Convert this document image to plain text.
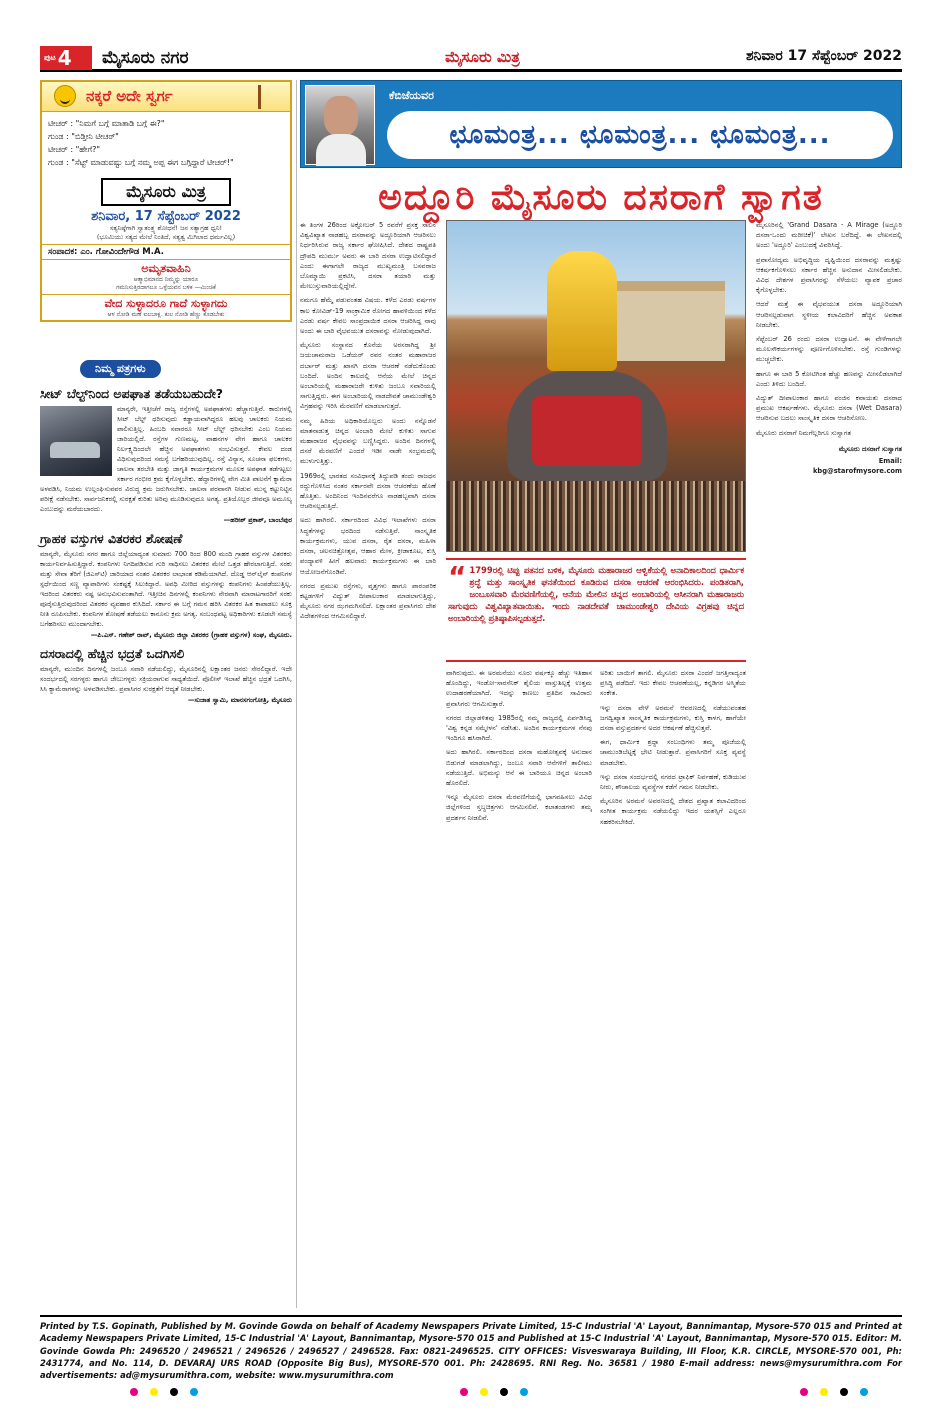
$^{ಪುಟ}$ 4	ಮೈಸೂರು ನಗರ	ಮೈಸೂರು ಮಿತ್ರ	ಶನಿವಾರ 17 ಸೆಪ್ಟೆಂಬರ್ 2022
ನಕ್ಕರೆ ಅದೇ ಸ್ವರ್ಗ
ಟೀಚರ್ : "ನಿಮಗೆ ಬಗ್ಗೆ ಮಾತಾಡಿ ಬಗ್ಗೆ ಈ?"
ಗುಂಡ : "ಬಿಡ್ತೀನಿ ಟೀಚರ್"
ಟೀಚರ್ : "ಹೇಗೆ?"
ಗುಂಡ : "ಸೆಟ್ಟ್ ಮಾಡುವಷ್ಟು ಬಗ್ಗೆ ನಮ್ಮ ಅಪ್ಪ ಈಗ ಬಗ್ಗಿದ್ದಾರೆ ಟೀಚರ್!"
ಮೈಸೂರು ಮಿತ್ರ
ಶನಿವಾರ, 17 ಸೆಪ್ಟೆಂಬರ್ 2022
ಸತ್ಯನಿಷ್ಠೆಗಾಗಿ ಸ್ವಾತಂತ್ರ್ಯ ಶೋಧನೆ! ಜನ ಸತ್ಯಾಗ್ರಹ ಧ್ವನಿ!
(ಭೂಮಿಯು ಸತ್ಯದ ಮೇಲೆ ನಿಂತಿದೆ, ಸತ್ಯತ್ವ ಮಿಗಿಲಾದ ಧರ್ಮವಿಲ್ಲ)
ಸಂಪಾದಕ: ಎಂ. ಗೋವಿಂದೇಗೌಡ M.A.
ಅಮೃತವಾಹಿನಿ
ಆತ್ಮಾಭಿಮಾನದ ನಿಮ್ಮನ್ನು ಯಾರೂ
ಗಮನಿಸುತ್ತಿರದಾಗಲೂ ಒಳ್ಳೆಯವನ ಬಳಿಕ —ಮಿಂಚಿಕೆ
ವೇದ ಸುಳ್ಳಾದರೂ ಗಾದೆ ಸುಳ್ಳಾಗದು
ಆಳ ನೋಡಿ ಮಣೆ ಐಲಬಾಕ್ಲ. ಕುಲ ನೋಡಿ ಹೆಣ್ಣು ಕೊಡಬೇಕು
ನಿಮ್ಮ ಪತ್ರಗಳು
ಸೀಟ್ ಬೆಲ್ಟ್‌ನಿಂದ ಅಪಘಾತ ತಡೆಯಬಹುದೇ?
ಮಾನ್ಯರೇ, ಇತ್ತೀಚೆಗೆ ರಾಜ್ಯ ರಸ್ತೆಗಳಲ್ಲಿ ಅಪಘಾತಗಳು ಹೆಚ್ಚಾಗುತ್ತಿವೆ. ಕಾರುಗಳಲ್ಲಿ ಸೀಟ್ ಬೆಲ್ಟ್ ಧರಿಸುವುದು ಕಡ್ಡಾಯವಾಗಿದ್ದರೂ ಹಲವು ಚಾಲಕರು ನಿಯಮ ಪಾಲಿಸುತ್ತಿಲ್ಲ. ಹಿಂಬದಿ ಸವಾರರೂ ಸೀಟ್ ಬೆಲ್ಟ್ ಧರಿಸಬೇಕು ಎಂಬ ನಿಯಮ ಜಾರಿಯಲ್ಲಿದೆ. ರಸ್ತೆಗಳ ಗುಣಮಟ್ಟ, ವಾಹನಗಳ ವೇಗ ಹಾಗೂ ಚಾಲಕರ ನಿರ್ಲಕ್ಷ್ಯದಿಂದಲೇ ಹೆಚ್ಚಿನ ಅಪಘಾತಗಳು ಸಂಭವಿಸುತ್ತವೆ. ಕೇವಲ ದಂಡ ವಿಧಿಸುವುದರಿಂದ ಸಮಸ್ಯೆ ಬಗೆಹರಿಯುವುದಿಲ್ಲ. ರಸ್ತೆ ವಿನ್ಯಾಸ, ಸೂಚನಾ ಫಲಕಗಳು, ಚಾಲನಾ ತರಬೇತಿ ಮತ್ತು ಜಾಗೃತಿ ಕಾರ್ಯಕ್ರಮಗಳ ಮೂಲಕ ಅಪಘಾತ ತಡೆಗಟ್ಟಲು ಸರ್ಕಾರ ಗಂಭೀರ ಕ್ರಮ ಕೈಗೊಳ್ಳಬೇಕು. ಹೆದ್ದಾರಿಗಳಲ್ಲಿ ವೇಗ ಮಿತಿ ಪಾಲನೆಗೆ ಕ್ಯಾಮೆರಾ ಅಳವಡಿಸಿ, ನಿಯಮ ಉಲ್ಲಂಘಿಸುವವರ ವಿರುದ್ಧ ಕ್ರಮ ಜರುಗಿಸಬೇಕು. ಚಾಲನಾ ಪರವಾನಗಿ ನೀಡುವ ಮುನ್ನ ಕಟ್ಟುನಿಟ್ಟಿನ ಪರೀಕ್ಷೆ ನಡೆಸಬೇಕು. ಸಾರ್ವಜನಿಕರಲ್ಲಿ ಸುರಕ್ಷತೆ ಕುರಿತು ಅರಿವು ಮೂಡಿಸುವುದೂ ಅಗತ್ಯ. ಪ್ರತಿಯೊಬ್ಬರ ಜೀವವೂ ಅಮೂಲ್ಯ ಎಂಬುದನ್ನು ಮರೆಯಬಾರದು.
—ಹರೀಶ್ ಪ್ರಕಾಶ್, ಬಾಂಬೆಪುರ
ಗ್ರಾಹಕ ವಸ್ತುಗಳ ವಿತರಕರ ಶೋಷಣೆ
ಮಾನ್ಯರೇ, ಮೈಸೂರು ನಗರ ಹಾಗೂ ಜಿಲ್ಲೆಯಾದ್ಯಂತ ಸುಮಾರು 700 ರಿಂದ 800 ಮಂದಿ ಗ್ರಾಹಕ ವಸ್ತುಗಳ ವಿತರಕರು ಕಾರ್ಯನಿರ್ವಹಿಸುತ್ತಿದ್ದಾರೆ. ಕಂಪನಿಗಳು ನಿಗದಿಪಡಿಸುವ ಗುರಿ ಸಾಧಿಸಲು ವಿತರಕರ ಮೇಲೆ ಒತ್ತಡ ಹೇರಲಾಗುತ್ತಿದೆ. ಸರಕು ಮತ್ತು ಸೇವಾ ತೆರಿಗೆ (ಜಿಎಸ್‌ಟಿ) ಜಾರಿಯಾದ ನಂತರ ವಿತರಕರ ಲಾಭಾಂಶ ಕಡಿಮೆಯಾಗಿದೆ. ದೊಡ್ಡ ಆನ್‌ಲೈನ್ ಕಂಪನಿಗಳ ಸ್ಪರ್ಧೆಯಿಂದ ಸಣ್ಣ ವ್ಯಾಪಾರಿಗಳು ಸಂಕಷ್ಟಕ್ಕೆ ಸಿಲುಕಿದ್ದಾರೆ. ಅವಧಿ ಮೀರಿದ ವಸ್ತುಗಳನ್ನು ಕಂಪನಿಗಳು ಹಿಂಪಡೆಯುತ್ತಿಲ್ಲ. ಇದರಿಂದ ವಿತರಕರು ನಷ್ಟ ಅನುಭವಿಸುವಂತಾಗಿದೆ. ಇತ್ತೀಚಿನ ದಿನಗಳಲ್ಲಿ ಕಂಪನಿಗಳು ನೇರವಾಗಿ ಮಾರಾಟಗಾರರಿಗೆ ಸರಕು ಪೂರೈಸುತ್ತಿರುವುದರಿಂದ ವಿತರಕರ ವ್ಯವಹಾರ ಕುಸಿದಿದೆ. ಸರ್ಕಾರ ಈ ಬಗ್ಗೆ ಗಮನ ಹರಿಸಿ ವಿತರಕರ ಹಿತ ಕಾಪಾಡಲು ಸೂಕ್ತ ನೀತಿ ರೂಪಿಸಬೇಕು. ಕಂಪನಿಗಳ ಶೋಷಣೆ ತಡೆಯಲು ಕಾನೂನು ಕ್ರಮ ಅಗತ್ಯ. ಸಂಬಂಧಪಟ್ಟ ಅಧಿಕಾರಿಗಳು ಕೂಡಲೇ ಸಮಸ್ಯೆ ಬಗೆಹರಿಸಲು ಮುಂದಾಗಬೇಕು.
—ಪಿ.ಎಸ್. ಗಣೇಶ್ ರಾವ್, ಮೈಸೂರು ಜಿಲ್ಲಾ ವಿತರಕರ (ಗ್ರಾಹಕ ವಸ್ತುಗಳ) ಸಂಘ, ಮೈಸೂರು.
ದಸರಾದಲ್ಲಿ ಹೆಚ್ಚಿನ ಭದ್ರತೆ ಒದಗಿಸಲಿ
ಮಾನ್ಯರೇ, ಮುಂದಿನ ದಿನಗಳಲ್ಲಿ ಜಂಬೂ ಸವಾರಿ ನಡೆಯಲಿದ್ದು, ಮೈಸೂರಿನಲ್ಲಿ ಲಕ್ಷಾಂತರ ಜನರು ಸೇರಲಿದ್ದಾರೆ. ಇದೇ ಸಂದರ್ಭದಲ್ಲಿ ಸರಗಳ್ಳರು ಹಾಗೂ ಜೇಬುಗಳ್ಳರು ಸಕ್ರಿಯರಾಗುವ ಸಾಧ್ಯತೆಯಿದೆ. ಪೊಲೀಸ್ ಇಲಾಖೆ ಹೆಚ್ಚಿನ ಭದ್ರತೆ ಒದಗಿಸಿ, ಸಿಸಿ ಕ್ಯಾಮೆರಾಗಳನ್ನು ಅಳವಡಿಸಬೇಕು. ಪ್ರವಾಸಿಗರ ಸುರಕ್ಷತೆಗೆ ಆದ್ಯತೆ ನೀಡಬೇಕು.
—ಸುಜಾತ ಸ್ವಾಮಿ, ಮಾನಸಗಂಗೋತ್ರಿ, ಮೈಸೂರು
ಕೆಬಿಜೆಯವರ
ಛೂಮಂತ್ರ... ಛೂಮಂತ್ರ... ಛೂಮಂತ್ರ...
ಅದ್ದೂರಿ ಮೈಸೂರು ದಸರಾಗೆ ಸ್ವಾಗತ

ಈ ತಿಂಗಳ 26ರಿಂದ ಅಕ್ಟೋಬರ್ 5 ರವರೆಗೆ ಪ್ರಸಕ್ತ ಸಾಲಿನ ವಿಶ್ವವಿಖ್ಯಾತ ನಾಡಹಬ್ಬ ದಸರಾವನ್ನು ಅದ್ದೂರಿಯಾಗಿ ಆಚರಿಸಲು ನಿರ್ಧರಿಸಿರುವ ರಾಜ್ಯ ಸರ್ಕಾರ ಘೋಷಿಸಿದೆ. ದೇಶದ ರಾಷ್ಟ್ರಪತಿ ದ್ರೌಪದಿ ಮುರ್ಮು ಅವರು ಈ ಬಾರಿ ದಸರಾ ಉದ್ಘಾಟಿಸಲಿದ್ದಾರೆ ಎಂದು ಈಗಾಗಲೇ ರಾಜ್ಯದ ಮುಖ್ಯಮಂತ್ರಿ ಬಸವರಾಜ ಬೊಮ್ಮಾಯಿ ಪ್ರಕಟಿಸಿ, ದಸರಾ ತಯಾರಿ ಮತ್ತು ಮೇಲುಸ್ತುವಾರಿಯಲ್ಲಿದ್ದೇನೆ.

ನಮಗೂ ಹೆಮ್ಮೆ ಪಡುವಂತಹ ವಿಷಯ. ಕಳೆದ ಎರಡು ವರ್ಷಗಳ ಕಾಲ ಕೋವಿಡ್-19 ಸಾಂಕ್ರಾಮಿಕ ರೋಗದ ಹಾವಳಿಯಿಂದ ಕಳೆದ ಎರಡು ವರ್ಷ ಕೇವಲ ಸಾಂಪ್ರದಾಯಿಕ ದಸರಾ ಆಚರಿಸಿದ್ದ ನಾವು ಅಂದು ಈ ಬಾರಿ ವೈಭವಯುತ ದಸರಾವನ್ನು ನೋಡುವುದಾಗಿದೆ.

ಮೈಸೂರು ಸಂಸ್ಥಾನದ ಕೊನೆಯ ಅರಸರಾಗಿದ್ದ ಶ್ರೀ ಜಯಚಾಮರಾಜ ಒಡೆಯರ್ ರವರ ನಂತರ ಮಹಾರಾಜರ ದರ್ಬಾರ್ ಮತ್ತು ಖಾಸಗಿ ದಸರಾ ಆಚರಣೆ ನಡೆದುಕೊಂಡು ಬಂದಿದೆ. ಅಂದಿನ ಕಾಲದಲ್ಲಿ ಆನೆಯ ಮೇಲೆ ಚಿನ್ನದ ಅಂಬಾರಿಯಲ್ಲಿ ಮಹಾರಾಜರೇ ಕುಳಿತು ಜಂಬೂ ಸವಾರಿಯಲ್ಲಿ ಸಾಗುತ್ತಿದ್ದರು. ಈಗ ಅಂಬಾರಿಯಲ್ಲಿ ನಾಡದೇವತೆ ಚಾಮುಂಡೇಶ್ವರಿ ವಿಗ್ರಹವನ್ನು ಇರಿಸಿ ಮೆರವಣಿಗೆ ಮಾಡಲಾಗುತ್ತದೆ.

ನಮ್ಮ ಹಿರಿಯ ಅಧಿಕಾರಿಯೊಬ್ಬರು ಅಂದು ನನ್ನೊಡನೆ ಮಾತನಾಡುತ್ತ ಚಿನ್ನದ ಅಂಬಾರಿ ಮೇಲೆ ಕುಳಿತು ಸಾಗುವ ಮಹಾರಾಜರ ವೈಭವವನ್ನು ಬಣ್ಣಿಸಿದ್ದರು. ಅಂದಿನ ದಿನಗಳಲ್ಲಿ ದಸರೆ ಮೆರವಣಿಗೆ ಎಂದರೆ ಇಡೀ ನಾಡೇ ಸಂಭ್ರಮದಲ್ಲಿ ಮುಳುಗುತ್ತಿತ್ತು.

1969ರಲ್ಲಿ ಭಾರತದ ಸಂವಿಧಾನಕ್ಕೆ ತಿದ್ದುಪಡಿ ತಂದು ರಾಜಧನ ರದ್ದುಗೊಳಿಸಿದ ನಂತರ ಸರ್ಕಾರವೇ ದಸರಾ ಆಚರಣೆಯ ಹೊಣೆ ಹೊತ್ತಿತು. ಅಂದಿನಿಂದ ಇಂದಿನವರೆಗೂ ನಾಡಹಬ್ಬವಾಗಿ ದಸರಾ ಆಚರಿಸಲ್ಪಡುತ್ತಿದೆ.

ಅದು ಹಾಗಿರಲಿ. ಸರ್ಕಾರದಿಂದ ವಿವಿಧ ಇಲಾಖೆಗಳು ದಸರಾ ಸಿದ್ಧತೆಗಳನ್ನು ಭರದಿಂದ ನಡೆಸುತ್ತಿವೆ. ಸಾಂಸ್ಕೃತಿಕ ಕಾರ್ಯಕ್ರಮಗಳು, ಯುವ ದಸರಾ, ರೈತ ದಸರಾ, ಮಹಿಳಾ ದಸರಾ, ಚಲನಚಿತ್ರೋತ್ಸವ, ಆಹಾರ ಮೇಳ, ಕ್ರೀಡಾಕೂಟ, ಕುಸ್ತಿ ಪಂದ್ಯಾವಳಿ ಹೀಗೆ ಹಲವಾರು ಕಾರ್ಯಕ್ರಮಗಳು ಈ ಬಾರಿ ಆಯೋಜನೆಗೊಂಡಿವೆ.

ನಗರದ ಪ್ರಮುಖ ರಸ್ತೆಗಳು, ವೃತ್ತಗಳು ಹಾಗೂ ಪಾರಂಪರಿಕ ಕಟ್ಟಡಗಳಿಗೆ ವಿದ್ಯುತ್ ದೀಪಾಲಂಕಾರ ಮಾಡಲಾಗುತ್ತಿದ್ದು, ಮೈಸೂರು ನಗರ ಝಗಮಗಿಸಲಿದೆ. ಲಕ್ಷಾಂತರ ಪ್ರವಾಸಿಗರು ದೇಶ ವಿದೇಶಗಳಿಂದ ಆಗಮಿಸಲಿದ್ದಾರೆ.

“ 1799ರಲ್ಲಿ ಟಿಪ್ಪು ಪತನದ ಬಳಿಕ, ಮೈಸೂರು ಮಹಾರಾಜರ ಆಳ್ವಿಕೆಯಲ್ಲಿ ಅನಾದಿಕಾಲದಿಂದ ಧಾರ್ಮಿಕ ಶ್ರದ್ಧೆ ಮತ್ತು ಸಾಂಸ್ಕೃತಿಕ ಘನತೆಯಿಂದ ಕೂಡಿರುವ ದಸರಾ ಆಚರಣೆ ಆರಂಭಿಸಿದರು. ಪಂಡಿತರಾಗಿ, ಜಂಬೂಸವಾರಿ ಮೆರವಣಿಗೆಯಲ್ಲಿ, ಆನೆಯ ಮೇಲಿನ ಚಿನ್ನದ ಅಂಬಾರಿಯಲ್ಲಿ ಆಸೀನರಾಗಿ ಮಹಾರಾಜರು ಸಾಗುವುದು ವಿಶ್ವವಿಖ್ಯಾತವಾಯಿತು. ಇಂದು ನಾಡದೇವತೆ ಚಾಮುಂಡೇಶ್ವರಿ ದೇವಿಯ ವಿಗ್ರಹವು ಚಿನ್ನದ ಅಂಬಾರಿಯಲ್ಲಿ ಪ್ರತಿಷ್ಠಾಪಿಸಲ್ಪಡುತ್ತದೆ.

ವಾಗಿರುವುದು. ಈ ಅರಮನೆಯು ನೂರು ವರ್ಷಕ್ಕೂ ಹೆಚ್ಚು ಇತಿಹಾಸ ಹೊಂದಿದ್ದು, ಇಂಡೋ-ಸಾರಸೆನಿಕ್ ಶೈಲಿಯ ವಾಸ್ತುಶಿಲ್ಪಕ್ಕೆ ಉತ್ತಮ ಉದಾಹರಣೆಯಾಗಿದೆ. ಇದನ್ನು ಕಾಣಲು ಪ್ರತಿದಿನ ಸಾವಿರಾರು ಪ್ರವಾಸಿಗರು ಆಗಮಿಸುತ್ತಾರೆ.

ನಗರದ ಜಿಲ್ಲಾಡಳಿತವು 1985ರಲ್ಲಿ ನಮ್ಮ ರಾಜ್ಯದಲ್ಲಿ ಏರ್ಪಡಿಸಿದ್ದ 'ವಿಶ್ವ ಕನ್ನಡ ಸಮ್ಮೇಳನ' ನಡೆಸಿತು. ಅಂದಿನ ಕಾರ್ಯಕ್ರಮಗಳ ನೆನಪು ಇಂದಿಗೂ ಹಸಿರಾಗಿದೆ.

ಅದು ಹಾಗಿರಲಿ. ಸರ್ಕಾರದಿಂದ ದಸರಾ ಮಹೋತ್ಸವಕ್ಕೆ ಅನುದಾನ ಬಿಡುಗಡೆ ಮಾಡಲಾಗಿದ್ದು, ಜಂಬೂ ಸವಾರಿ ಆನೆಗಳಿಗೆ ತಾಲೀಮು ನಡೆಯುತ್ತಿದೆ. ಅಭಿಮನ್ಯು ಆನೆ ಈ ಬಾರಿಯೂ ಚಿನ್ನದ ಅಂಬಾರಿ ಹೊರಲಿದೆ.

ಇನ್ನೂ ಮೈಸೂರು ದಸರಾ ಮೆರವಣಿಗೆಯಲ್ಲಿ ಭಾಗವಹಿಸಲು ವಿವಿಧ ಜಿಲ್ಲೆಗಳಿಂದ ಸ್ತಬ್ಧಚಿತ್ರಗಳು ಆಗಮಿಸಲಿವೆ. ಕಲಾತಂಡಗಳು ತಮ್ಮ ಪ್ರದರ್ಶನ ನೀಡಲಿವೆ.

ಅರಿತು ಬಾಯಿಗೆ ತಾಗಲಿ. ಮೈಸೂರು ದಸರಾ ಎಂದರೆ ಜಗತ್ತಿನಾದ್ಯಂತ ಪ್ರಸಿದ್ಧಿ ಪಡೆದಿದೆ. ಇದು ಕೇವಲ ಆಚರಣೆಯಲ್ಲ, ಕನ್ನಡಿಗರ ಅಸ್ಮಿತೆಯ ಸಂಕೇತ.

ಇನ್ನು ದಸರಾ ವೇಳೆ ಅರಮನೆ ಆವರಣದಲ್ಲಿ ನಡೆಯುವಂತಹ ಜಗದ್ವಿಖ್ಯಾತ ಸಾಂಸ್ಕೃತಿಕ ಕಾರ್ಯಕ್ರಮಗಳು, ಕುಸ್ತಿ ಕಾಳಗ, ಹಾಗೆಯೇ ದಸರಾ ವಸ್ತುಪ್ರದರ್ಶನ ಅದರ ಆಕರ್ಷಣೆ ಹೆಚ್ಚಿಸುತ್ತವೆ.

ಈಗ, ಧಾರ್ಮಿಕ ಶ್ರದ್ಧಾ ಸಂಬಂಧಿಗಳು ತಮ್ಮ ಪೂಜೆಯಲ್ಲಿ ಚಾಮುಂಡಿಬೆಟ್ಟಕ್ಕೆ ಭೇಟಿ ನೀಡುತ್ತಾರೆ. ಪ್ರವಾಸಿಗರಿಗೆ ಸೂಕ್ತ ವ್ಯವಸ್ಥೆ ಮಾಡಬೇಕು.

ಇನ್ನು ದಸರಾ ಸಂದರ್ಭದಲ್ಲಿ ನಗರದ ಟ್ರಾಫಿಕ್ ನಿರ್ವಹಣೆ, ಕುಡಿಯುವ ನೀರು, ಶೌಚಾಲಯ ವ್ಯವಸ್ಥೆಗಳ ಕಡೆಗೆ ಗಮನ ನೀಡಬೇಕು.

ಮೈಸೂರಿನ ಅರಮನೆ ಅವರಣದಲ್ಲಿ ದೇಶದ ಪ್ರಖ್ಯಾತ ಕಲಾವಿದರಿಂದ ಸಂಗೀತ ಕಾರ್ಯಕ್ರಮ ನಡೆಯಲಿದ್ದು ಇದರ ಯಶಸ್ಸಿಗೆ ಎಲ್ಲರೂ ಸಹಕರಿಸಬೇಕಿದೆ.

ಮೈಸೂರಿನಲ್ಲಿ 'Grand Dasara - A Mirage (ಅದ್ದೂರಿ ದಸರಾ-ಒಂದು ಮರೀಚಿಕೆ)' ಲೇಖನ ಬರೆದಿದ್ದೆ. ಈ ಲೇಖನದಲ್ಲಿ ಅಂದು 'ಅದ್ದೂರಿ' ಎಂಬುದಕ್ಕೆ ವಿವರಿಸಿದ್ದೆ.

ಪ್ರವಾಸೋದ್ಯಮ ಅಭಿವೃದ್ಧಿಯ ದೃಷ್ಟಿಯಿಂದ ದಸರಾವನ್ನು ಮತ್ತಷ್ಟು ಆಕರ್ಷಕಗೊಳಿಸಲು ಸರ್ಕಾರ ಹೆಚ್ಚಿನ ಅನುದಾನ ಮೀಸಲಿಡಬೇಕು. ವಿವಿಧ ದೇಶಗಳ ಪ್ರವಾಸಿಗರನ್ನು ಸೆಳೆಯಲು ವ್ಯಾಪಕ ಪ್ರಚಾರ ಕೈಗೊಳ್ಳಬೇಕು.

ಆದರೆ ಮತ್ತೆ ಈ ವೈಭವಯುತ ದಸರಾ ಅದ್ದೂರಿಯಾಗಿ ಆಚರಿಸಲ್ಪಡುವಾಗ ಸ್ಥಳೀಯ ಕಲಾವಿದರಿಗೆ ಹೆಚ್ಚಿನ ಅವಕಾಶ ನೀಡಬೇಕು.

ಸೆಪ್ಟೆಂಬರ್ 26 ರಂದು ದಸರಾ ಉದ್ಘಾಟನೆ. ಈ ವೇಳೆಗಾಗಲೇ ಮೂಲಸೌಕರ್ಯಗಳನ್ನು ಪೂರ್ಣಗೊಳಿಸಬೇಕು. ರಸ್ತೆ ಗುಂಡಿಗಳನ್ನು ಮುಚ್ಚಬೇಕು.

ಹಾಗೂ ಈ ಬಾರಿ 5 ಕೋಟಿಗಿಂತ ಹೆಚ್ಚು ಹಣವನ್ನು ಮೀಸಲಿಡಲಾಗಿದೆ ಎಂದು ತಿಳಿದು ಬಂದಿದೆ.

ವಿದ್ಯುತ್ ದೀಪಾಲಂಕಾರ ಹಾಗೂ ಪಂಜಿನ ಕವಾಯತು ದಸರಾದ ಪ್ರಮುಖ ಆಕರ್ಷಣೆಗಳು. ಮೈಸೂರು ದಸರಾ (Wet Dasara) ಆಚರಿಸುವ ಬದಲು ಸಾಂಸ್ಕೃತಿಕ ದಸರಾ ಆಚರಿಸೋಣ.

ಮೈಸೂರು ದಸರಾಗೆ ನಿಮಗೆಲ್ಲರಿಗೂ ಸುಸ್ವಾಗತ

ಮೈಸೂರು ದಸರಾಗೆ ಸುಸ್ವಾಗತ
Email:
kbg@starofmysore.com
Printed by T.S. Gopinath, Published by M. Govinde Gowda on behalf of Academy Newspapers Private Limited, 15-C Industrial 'A' Layout, Bannimantap, Mysore-570 015 and Printed at Academy Newspapers Private Limited, 15-C Industrial 'A' Layout, Bannimantap, Mysore-570 015 and Published at 15-C Industrial 'A' Layout, Bannimantap, Mysore-570 015. Editor: M. Govinde Gowda Ph: 2496520 / 2496521 / 2496526 / 2496527 / 2496528. Fax: 0821-2496525. CITY OFFICES: Visveswaraya Building, III Floor, K.R. CIRCLE, MYSORE-570 001, Ph: 2431774, and No. 114, D. DEVARAJ URS ROAD (Opposite Big Bus), MYSORE-570 001. Ph: 2428695. RNI Reg. No. 36581 / 1980 E-mail address: news@mysurumithra.com For advertisements: ad@mysurumithra.com, website: www.mysurumithra.com
